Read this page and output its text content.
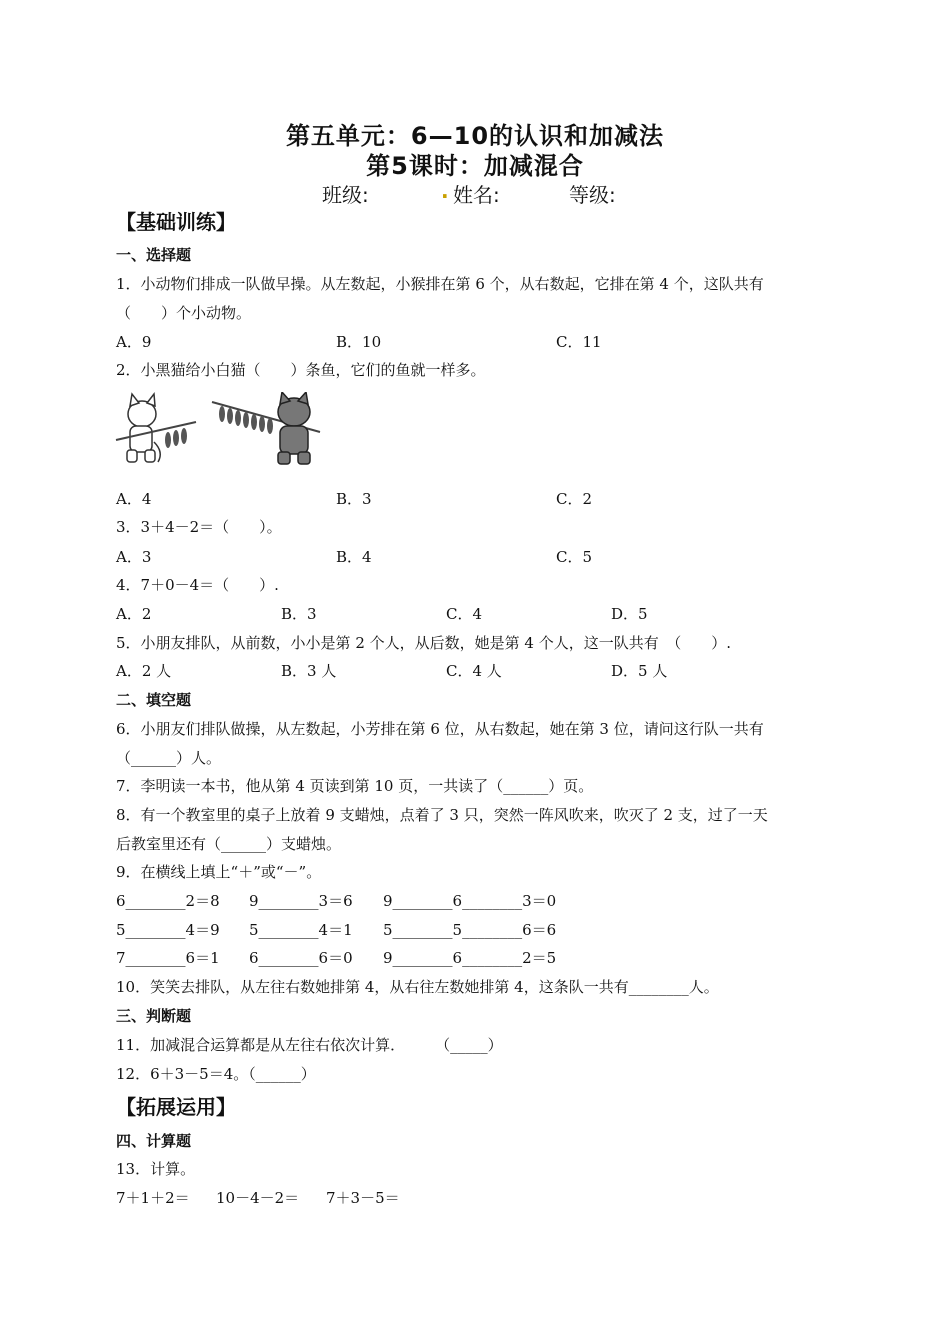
第五单元：6—10的认识和加减法
第5课时：加减混合
班级:	. 姓名:	等级:
【基础训练】
一、选择题
1．小动物们排成一队做早操。从左数起，小猴排在第 6 个，从右数起，它排在第 4 个，这队共有
（　　）个小动物。
A．9	B．10	C．11
2．小黑猫给小白猫（　　）条鱼，它们的鱼就一样多。
A．4	B．3	C．2
3．3＋4－2＝（　　）。
A．3	B．4	C．5
4．7＋0－4＝（　　）.
A．2	B．3	C．4	D．5
5．小朋友排队，从前数，小小是第 2 个人，从后数，她是第 4 个人，这一队共有　（　　）.
A．2 人	B．3 人	C．4 人	D．5 人
二、填空题
6．小朋友们排队做操，从左数起，小芳排在第 6 位，从右数起，她在第 3 位，请问这行队一共有
（______）人。
7．李明读一本书，他从第 4 页读到第 10 页，一共读了（______）页。
8．有一个教室里的桌子上放着 9 支蜡烛，点着了 3 只，突然一阵风吹来，吹灭了 2 支，过了一天
后教室里还有（______）支蜡烛。
9．在横线上填上“＋”或“－”。
6________2＝8 9________3＝6 9________6________3＝0
5________4＝9 5________4＝1 5________5________6＝6
7________6＝1 6________6＝0 9________6________2＝5
10．笑笑去排队，从左往右数她排第 4，从右往左数她排第 4，这条队一共有________人。
三、判断题
11．加减混合运算都是从左往右依次计算．　　　（_____）
12．6＋3－5＝4。（______）
【拓展运用】
四、计算题
13．计算。
7＋1＋2＝ 10－4－2＝ 7＋3－5＝
